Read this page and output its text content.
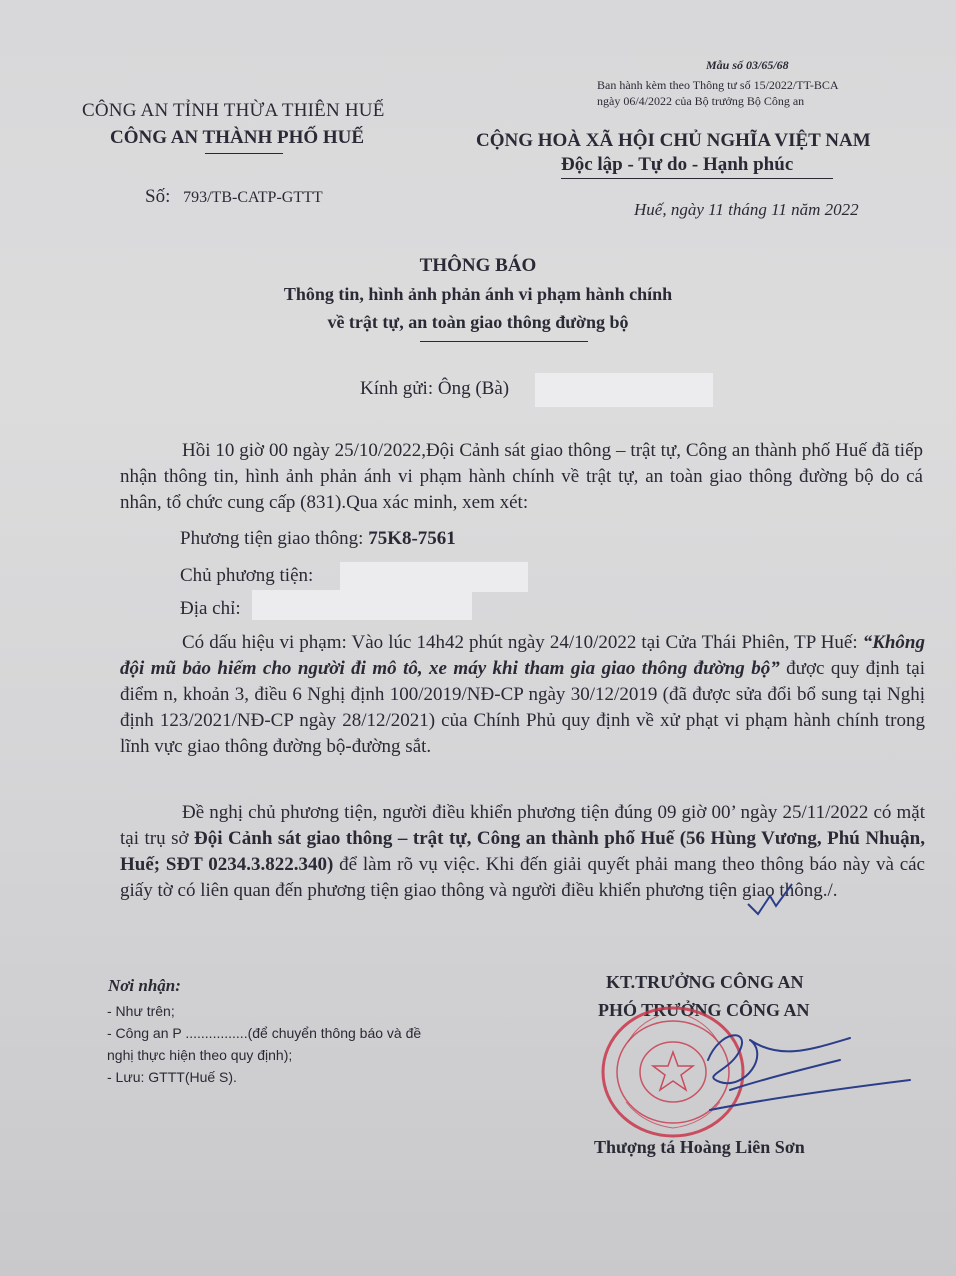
Mẫu số 03/65/68
Ban hành kèm theo Thông tư số 15/2022/TT-BCA
ngày 06/4/2022 của Bộ trưởng Bộ Công an
CÔNG AN TỈNH THỪA THIÊN HUẾ
CÔNG AN THÀNH PHỐ HUẾ	CỘNG HOÀ XÃ HỘI CHỦ NGHĨA VIỆT NAM
Độc lập - Tự do - Hạnh phúc
Số: 793/TB-CATP-GTTT
Huế, ngày 11 tháng 11 năm 2022
THÔNG BÁO
Thông tin, hình ảnh phản ánh vi phạm hành chính
về trật tự, an toàn giao thông đường bộ
Kính gửi: Ông (Bà)
Hồi 10 giờ 00 ngày 25/10/2022,Đội Cảnh sát giao thông – trật tự, Công an thành phố Huế đã tiếp nhận thông tin, hình ảnh phản ánh vi phạm hành chính về trật tự, an toàn giao thông đường bộ do cá nhân, tổ chức cung cấp (831).Qua xác minh, xem xét:
Phương tiện giao thông: 75K8-7561
Chủ phương tiện:
Địa chỉ:
Có dấu hiệu vi phạm: Vào lúc 14h42 phút ngày 24/10/2022 tại Cửa Thái Phiên, TP Huế: “Không đội mũ bảo hiểm cho người đi mô tô, xe máy khi tham gia giao thông đường bộ” được quy định tại điểm n, khoản 3, điều 6 Nghị định 100/2019/NĐ-CP ngày 30/12/2019 (đã được sửa đổi bổ sung tại Nghị định 123/2021/NĐ-CP ngày 28/12/2021) của Chính Phủ quy định về xử phạt vi phạm hành chính trong lĩnh vực giao thông đường bộ-đường sắt.
Đề nghị chủ phương tiện, người điều khiển phương tiện đúng 09 giờ 00’ ngày 25/11/2022 có mặt tại trụ sở Đội Cảnh sát giao thông – trật tự, Công an thành phố Huế (56 Hùng Vương, Phú Nhuận, Huế; SĐT 0234.3.822.340) để làm rõ vụ việc. Khi đến giải quyết phải mang theo thông báo này và các giấy tờ có liên quan đến phương tiện giao thông và người điều khiển phương tiện giao thông./.
Nơi nhận:
- Như trên;
- Công an P ................(để chuyển thông báo và đề
nghị thực hiện theo quy định);
- Lưu: GTTT(Huế S).
KT.TRƯỞNG CÔNG AN
PHÓ TRƯỞNG CÔNG AN
Thượng tá Hoàng Liên Sơn
